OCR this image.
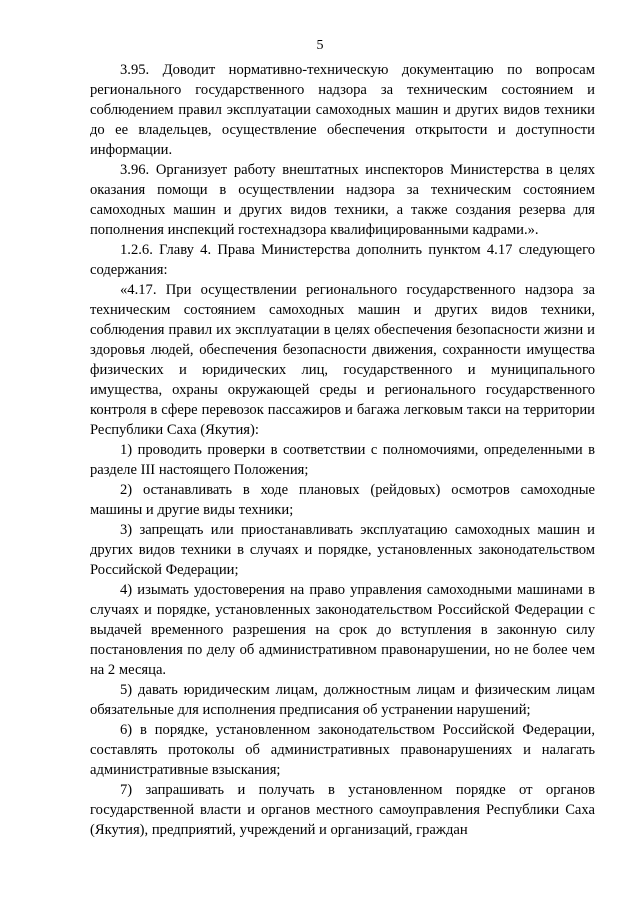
5

3.95. Доводит нормативно-техническую документацию по вопросам регионального государственного надзора за техническим состоянием и соблюдением правил эксплуатации самоходных машин и других видов техники до ее владельцев, осуществление обеспечения открытости и доступности информации.

3.96. Организует работу внештатных инспекторов Министерства в целях оказания помощи в осуществлении надзора за техническим состоянием самоходных машин и других видов техники, а также создания резерва для пополнения инспекций гостехнадзора квалифицированными кадрами.».

1.2.6. Главу 4. Права Министерства дополнить пунктом 4.17 следующего содержания:

«4.17. При осуществлении регионального государственного надзора за техническим состоянием самоходных машин и других видов техники, соблюдения правил их эксплуатации в целях обеспечения безопасности жизни и здоровья людей, обеспечения безопасности движения, сохранности имущества физических и юридических лиц, государственного и муниципального имущества, охраны окружающей среды и регионального государственного контроля в сфере перевозок пассажиров и багажа легковым такси на территории Республики Саха (Якутия):

1) проводить проверки в соответствии с полномочиями, определенными в разделе III настоящего Положения;

2) останавливать в ходе плановых (рейдовых) осмотров самоходные машины и другие виды техники;

3) запрещать или приостанавливать эксплуатацию самоходных машин и других видов техники в случаях и порядке, установленных законодательством Российской Федерации;

4) изымать удостоверения на право управления самоходными машинами в случаях и порядке, установленных законодательством Российской Федерации с выдачей временного разрешения на срок до вступления в законную силу постановления по делу об административном правонарушении, но не более чем на 2 месяца.

5) давать юридическим лицам, должностным лицам и физическим лицам обязательные для исполнения предписания об устранении нарушений;

6) в порядке, установленном законодательством Российской Федерации, составлять протоколы об административных правонарушениях и налагать административные взыскания;

7) запрашивать и получать в установленном порядке от органов государственной власти и органов местного самоуправления Республики Саха (Якутия), предприятий, учреждений и организаций, граждан
